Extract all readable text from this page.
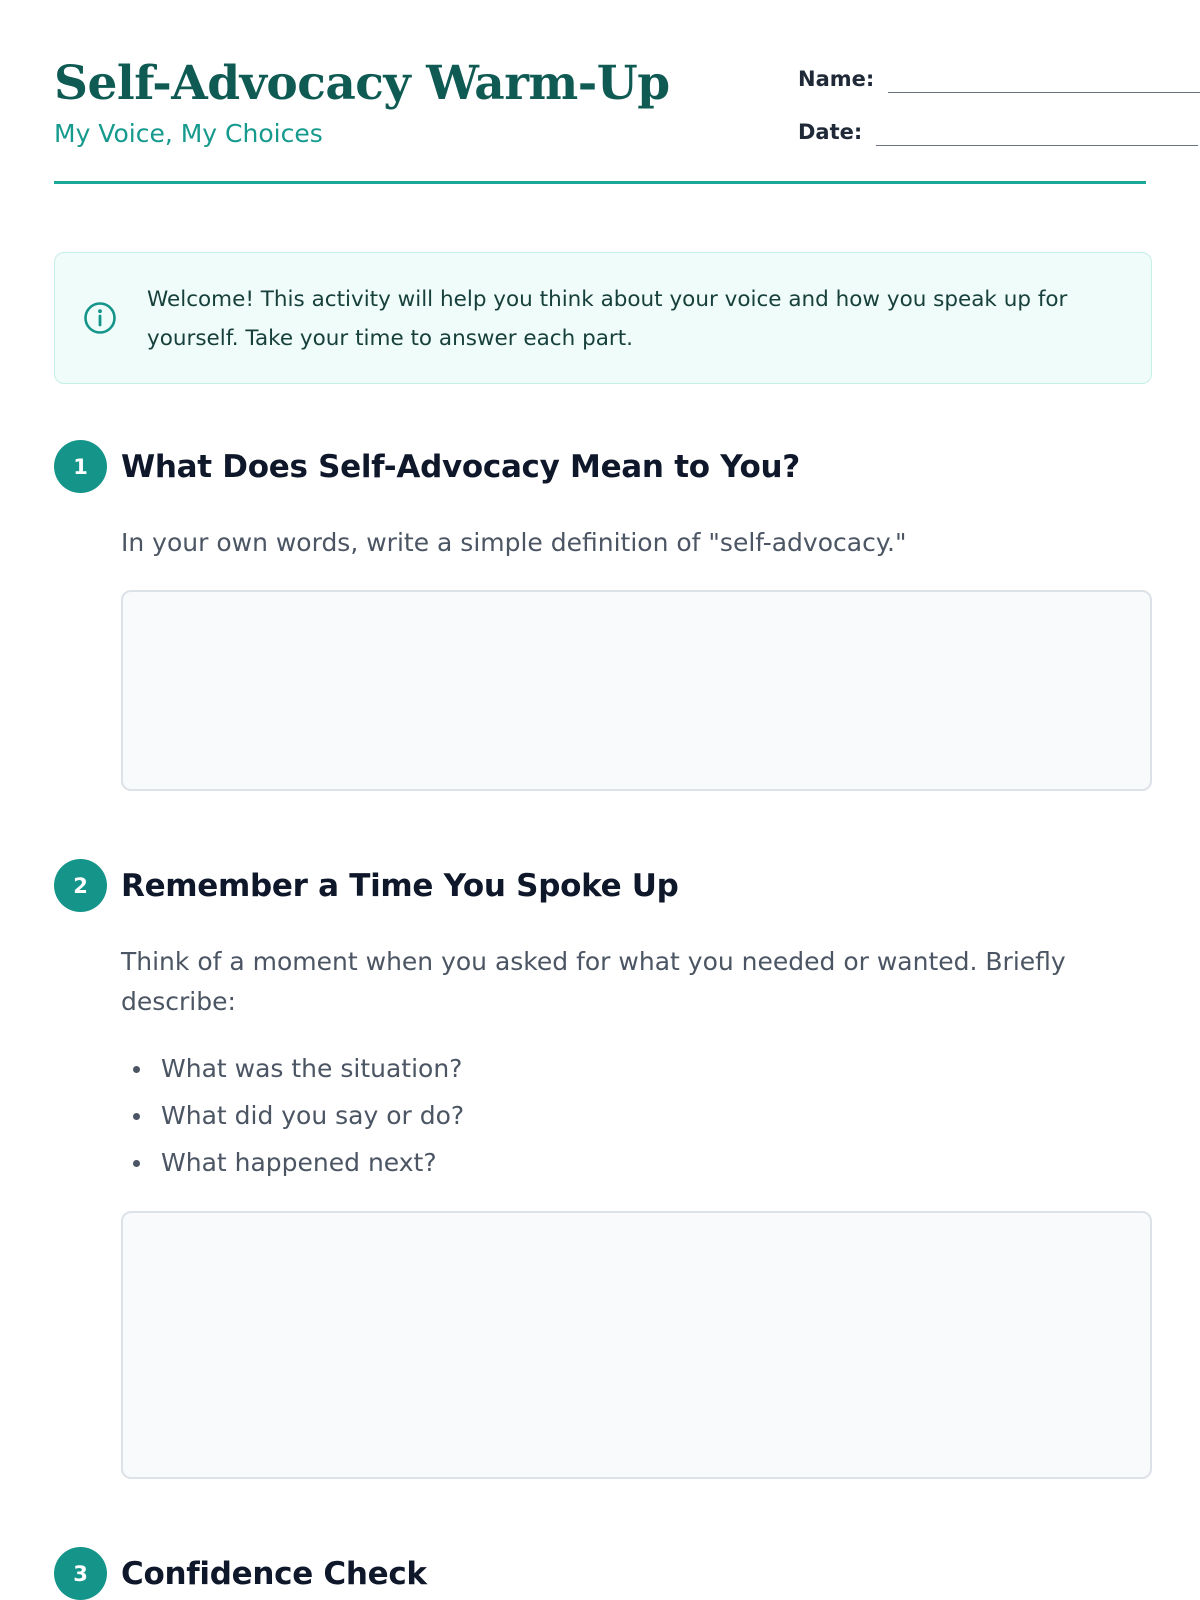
Self-Advocacy Warm-Up
My Voice, My Choices
Name:
Date:
Welcome! This activity will help you think about your voice and how you speak up for yourself. Take your time to answer each part.
1	What Does Self-Advocacy Mean to You?

In your own words, write a simple definition of "self-advocacy."

2	Remember a Time You Spoke Up

Think of a moment when you asked for what you needed or wanted. Briefly describe:

What was the situation?
What did you say or do?
What happened next?
3	Confidence Check
